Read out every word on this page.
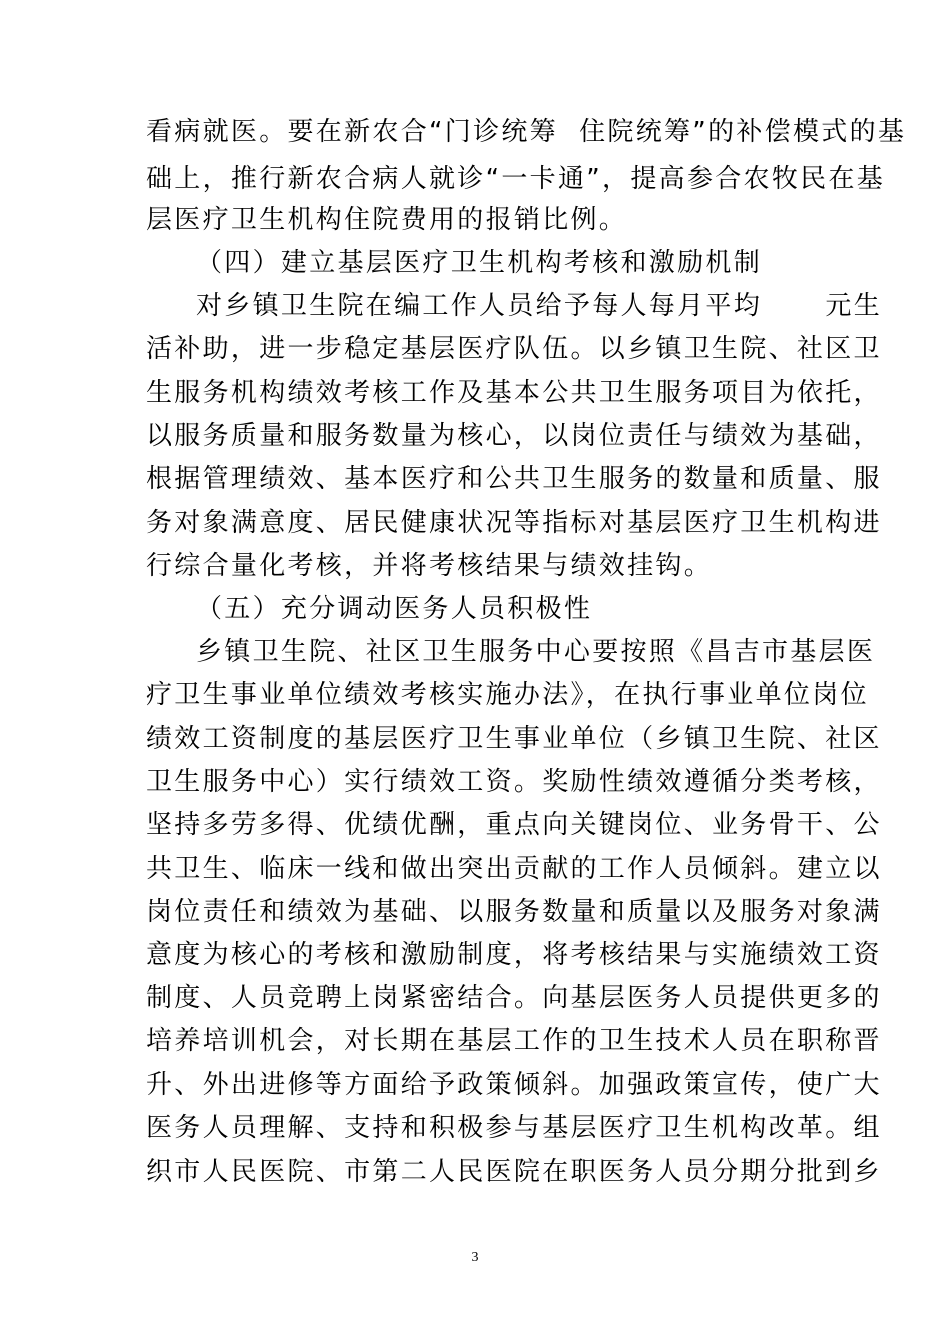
看病就医。要在新农合“门诊统筹  住院统筹”的补偿模式的基
础上，推行新农合病人就诊“一卡通”，提高参合农牧民在基
层医疗卫生机构住院费用的报销比例。
（四）建立基层医疗卫生机构考核和激励机制
对乡镇卫生院在编工作人员给予每人每月平均      元生
活补助，进一步稳定基层医疗队伍。以乡镇卫生院、社区卫
生服务机构绩效考核工作及基本公共卫生服务项目为依托，
以服务质量和服务数量为核心，以岗位责任与绩效为基础，
根据管理绩效、基本医疗和公共卫生服务的数量和质量、服
务对象满意度、居民健康状况等指标对基层医疗卫生机构进
行综合量化考核，并将考核结果与绩效挂钩。
（五）充分调动医务人员积极性
乡镇卫生院、社区卫生服务中心要按照《昌吉市基层医
疗卫生事业单位绩效考核实施办法》，在执行事业单位岗位
绩效工资制度的基层医疗卫生事业单位（乡镇卫生院、社区
卫生服务中心）实行绩效工资。奖励性绩效遵循分类考核，
坚持多劳多得、优绩优酬，重点向关键岗位、业务骨干、公
共卫生、临床一线和做出突出贡献的工作人员倾斜。建立以
岗位责任和绩效为基础、以服务数量和质量以及服务对象满
意度为核心的考核和激励制度，将考核结果与实施绩效工资
制度、人员竞聘上岗紧密结合。向基层医务人员提供更多的
培养培训机会，对长期在基层工作的卫生技术人员在职称晋
升、外出进修等方面给予政策倾斜。加强政策宣传，使广大
医务人员理解、支持和积极参与基层医疗卫生机构改革。组
织市人民医院、市第二人民医院在职医务人员分期分批到乡
3
